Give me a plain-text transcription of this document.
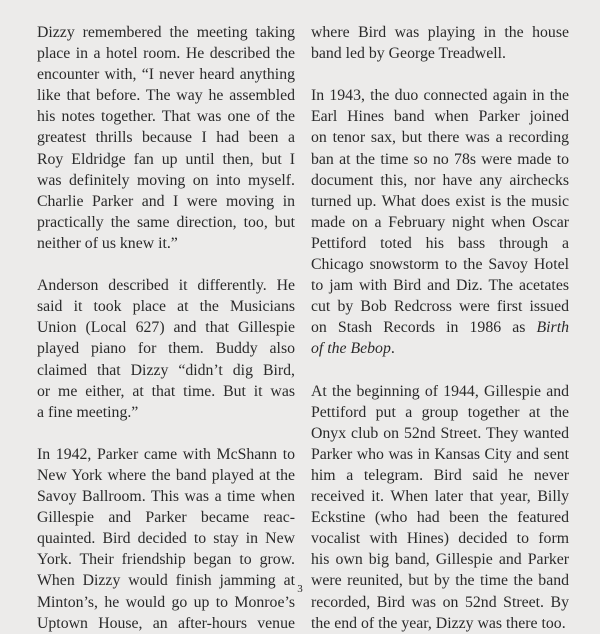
Dizzy remembered the meeting taking
place in a hotel room. He described the
encounter with, “I never heard anything
like that before. The way he assembled
his notes together. That was one of the
greatest thrills because I had been a
Roy Eldridge fan up until then, but I
was definitely moving on into myself.
Charlie Parker and I were moving in
practically the same direction, too, but
neither of us knew it.”

Anderson described it differently. He
said it took place at the Musicians
Union (Local 627) and that Gillespie
played piano for them. Buddy also
claimed that Dizzy “didn’t dig Bird,
or me either, at that time. But it was
a fine meeting.”

In 1942, Parker came with McShann to
New York where the band played at the
Savoy Ballroom. This was a time when
Gillespie and Parker became reac-
quainted. Bird decided to stay in New
York. Their friendship began to grow.
When Dizzy would finish jamming at
Minton’s, he would go up to Monroe’s
Uptown House, an after-hours venue

where Bird was playing in the house
band led by George Treadwell.

In 1943, the duo connected again in the
Earl Hines band when Parker joined
on tenor sax, but there was a recording
ban at the time so no 78s were made to
document this, nor have any airchecks
turned up. What does exist is the music
made on a February night when Oscar
Pettiford toted his bass through a
Chicago snowstorm to the Savoy Hotel
to jam with Bird and Diz. The acetates
cut by Bob Redcross were first issued
on Stash Records in 1986 as Birth
of the Bebop.

At the beginning of 1944, Gillespie and
Pettiford put a group together at the
Onyx club on 52nd Street. They wanted
Parker who was in Kansas City and sent
him a telegram. Bird said he never
received it. When later that year, Billy
Eckstine (who had been the featured
vocalist with Hines) decided to form
his own big band, Gillespie and Parker
were reunited, but by the time the band
recorded, Bird was on 52nd Street. By
the end of the year, Dizzy was there too.

3
